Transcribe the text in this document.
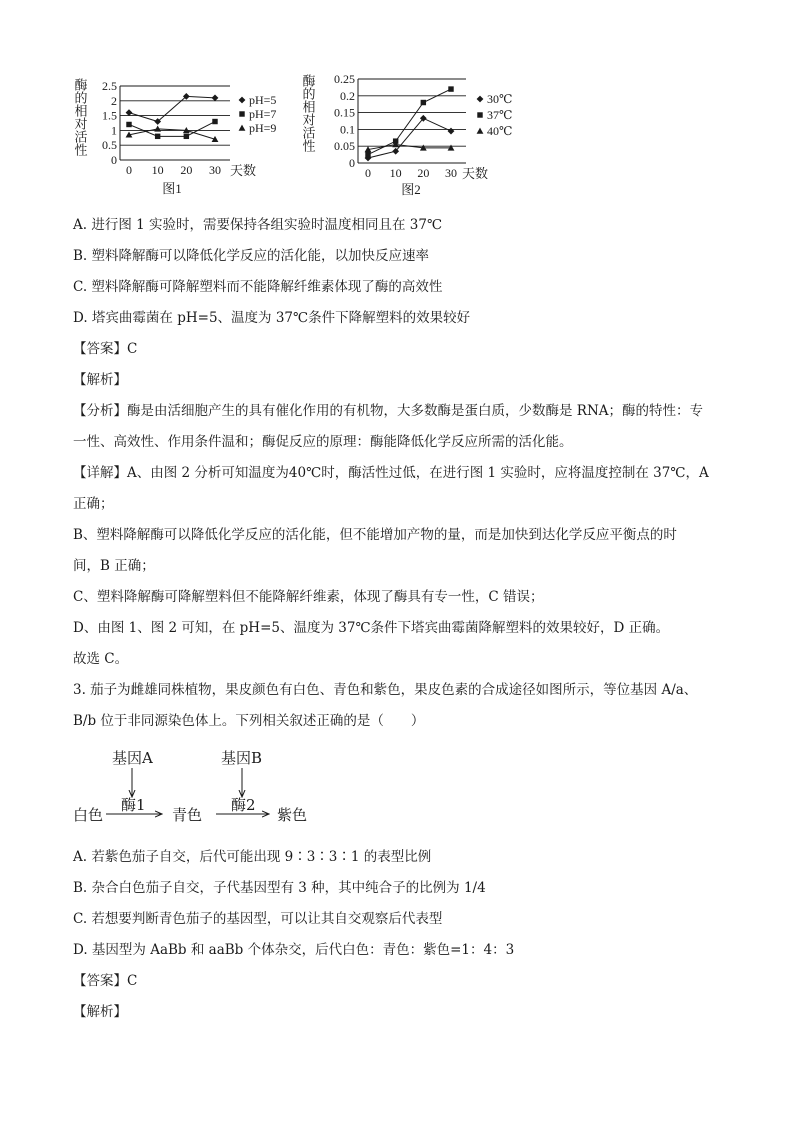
0
0.5
1
1.5
2
2.5
0 10 20 30 天数
酶的相对活性
图1
pH=5
pH=7
pH=9
0
0.05
0.1
0.15
0.2
0.25
0 10 20 30 天数
酶的相对活性
图2
30℃
37℃
40℃
A. 进行图 1 实验时，需要保持各组实验时温度相同且在 37℃
B. 塑料降解酶可以降低化学反应的活化能，以加快反应速率
C. 塑料降解酶可降解塑料而不能降解纤维素体现了酶的高效性
D. 塔宾曲霉菌在 pH=5、温度为 37℃条件下降解塑料的效果较好
【答案】C
【解析】
【分析】酶是由活细胞产生的具有催化作用的有机物，大多数酶是蛋白质，少数酶是 RNA；酶的特性：专
一性、高效性、作用条件温和；酶促反应的原理：酶能降低化学反应所需的活化能。
【详解】A、由图 2 分析可知温度为40℃时，酶活性过低，在进行图 1 实验时，应将温度控制在 37℃，A
正确；
B、塑料降解酶可以降低化学反应的活化能，但不能增加产物的量，而是加快到达化学反应平衡点的时
间，B 正确；
C、塑料降解酶可降解塑料但不能降解纤维素，体现了酶具有专一性，C 错误；
D、由图 1、图 2 可知，在 pH=5、温度为 37℃条件下塔宾曲霉菌降解塑料的效果较好，D 正确。
故选 C。
3. 茄子为雌雄同株植物，果皮颜色有白色、青色和紫色，果皮色素的合成途径如图所示，等位基因 A/a、
B/b 位于非同源染色体上。下列相关叙述正确的是（　　）
基因A
酶1
基因B
酶2
白色	青色	紫色
A. 若紫色茄子自交，后代可能出现 9∶3∶3∶1 的表型比例
B. 杂合白色茄子自交，子代基因型有 3 种，其中纯合子的比例为 1/4
C. 若想要判断青色茄子的基因型，可以让其自交观察后代表型
D. 基因型为 AaBb 和 aaBb 个体杂交，后代白色：青色：紫色=1：4：3
【答案】C
【解析】
